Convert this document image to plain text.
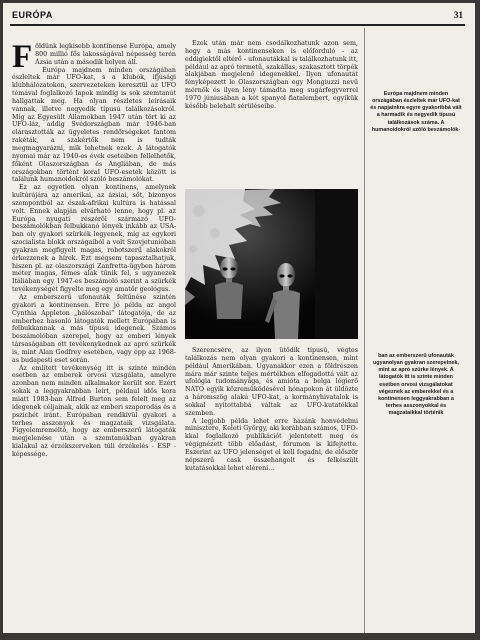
EURÓPA	31

Földünk legkisebb kontinense Európa, amely 800 millió fős lakosságával népesség terén Ázsia után a második helyen áll.

Európa majdnem minden országában észleltek már UFO-kat, s a klubok, ifjúsági klubhálózatokon, szervezeteken keresztül az UFO témával foglalkozó lapok mindig is sok szemtanút hallgattak meg. Ha olyan részletes leírásaik vannak, illetve negyedik típusú találkozásokról. Míg az Egyesült Államokban 1947 után tört ki az UFO-láz, addig Svédországban már 1946-ban elárasztották az ügyeletes rendőrségeket fantom rakéták, a szakértők nem is tudták megmagyarázni, mik lehetnek ezek. A látogatók nyomai már az 1940-es évek eseteiben fellelhetők, főként Olaszországban és Angliában, de más országokban történt koraI UFO-esetek között is találunk humanoidokról szóló beszámolókat.

Ez az egyetlen olyan kontinens, amelynek kultúrájára az amerikai, az ázsiai, sőt, bizonyos szempontból az észak-afrikai kultúra is hatással volt. Ennek alapján elvárható lenne, hogy pl. az Európa nyugati részéről származó UFO-beszámolókban felbukkanó lények inkább az USA-ban oly gyakori szürkék legyenek, míg az egykori szocialista blokk országaiból a volt Szovjetunióban gyakran megfigyelt magas, robotszerű alakokról érkezzenek a hírek. Ezt mégsem tapasztalhatjuk, hiszen pl. az olaszországi Zanfretta-ügyben három méter magas, fémes alak tűnik fel, s ugyanezek Itáliában egy 1947-es beszámoló szerint a szürkék tevékenységét figyelte meg egy amatőr geológus.

Az emberszerű ufonauták feltűnése szintén gyakori a kontinensen. Erre jó példa az angol Cynthia Appleton „hálószobai” látogatója, de az emberhez hasonló látogatók mellett Európában is felbukkannak a más típusú idegenek. Számos beszámolóban szerepel, hogy az emberi lények társaságában ott tevékenykednek az apró szürkék is, mint Alan Godfrey esetében, vagy épp az 1968-as budapesti eset során.

Az említett tevékenység itt is szinte mindén esetben az emberek orvosi vizsgálata, amelyre azonban nem minden alkalmakor került sor. Ezért sokak a leggyakrabban leírt, példaul idős kora miatt 1983-ban Alfred Burton sem felelt meg az idegenek céljainak, akik az emberi szaporodás és a pszichét iránt. Európaban rendkívül gyakori a terhes asszonyok és magzataik vizsgálata. Figyelemreméltó, hogy az emberszerű látogatók megjelenése után a szemtanúkban gyakran kialakul az érzékszerveken túli érzékelés - ESP - képessége.

Ezek után már nem csodálkozhatunk azon sem, hogy a más kontinenseken is előforduló - az eddigiektől eltérő - ufonautákkal is találkozhatunk itt, például az apró termetű, szakállas, szakasztott törpék alakjában megjelenő idegenekkel. Ilyen ufonautát fényképezett le Olaszországban egy Mongiuzzi nevű mérnök és ilyen lény támadta meg sugárfegyverrel 1970 júniusában a két spanyol fiatalembert, egyikük később belehalt sérüléseibe.

Szerencsére, az ilyen ütődik típusú, végtes találkozás nem olyan gyakori a kontinensen, mint például Amerikában. Ugyanakkor ezen a földrészen mára már szinte teljes mértékben elfogadottá vált az ufológia tudományága, és amióta a belga légierő NATO egyik közreműködésével hónapokon át üldözte a háromszög alakú UFO-kat, a kormányhivatalok is sokkal nyitottabbá váltak az UFO-kutatókkal szemben.

A legjobb példa lehet erre hazánk honvédelmi minisztere, Keleti György, aki korábban számos, UFO-kkal foglalkozó publikációt jelentetett meg és végignézett több előadást, fórumon is kifejtette. Eszerint az UFO jelenséget el kell fogadni, de először népszerű cask összehangolt és felkészült kutatásokkal lehet eléreni...

Európa majdnem minden országában észleltek már UFO-kat és napjainkra egyre gyakoribbá vált a harmadik és negyedik típusú találkozások száma. A humanoidokról szóló beszámolók-
ban az emberszerű ufonauták ugyanolyan gyakran szerepelnek, mint az apró szürke lények. A látogatók itt is szinte minden esetben orvosi vizsgálatokat végeznek az emberekkel és a kontinensen leggyakrabban a terhes asszonyokkal és magzataikkal történik
